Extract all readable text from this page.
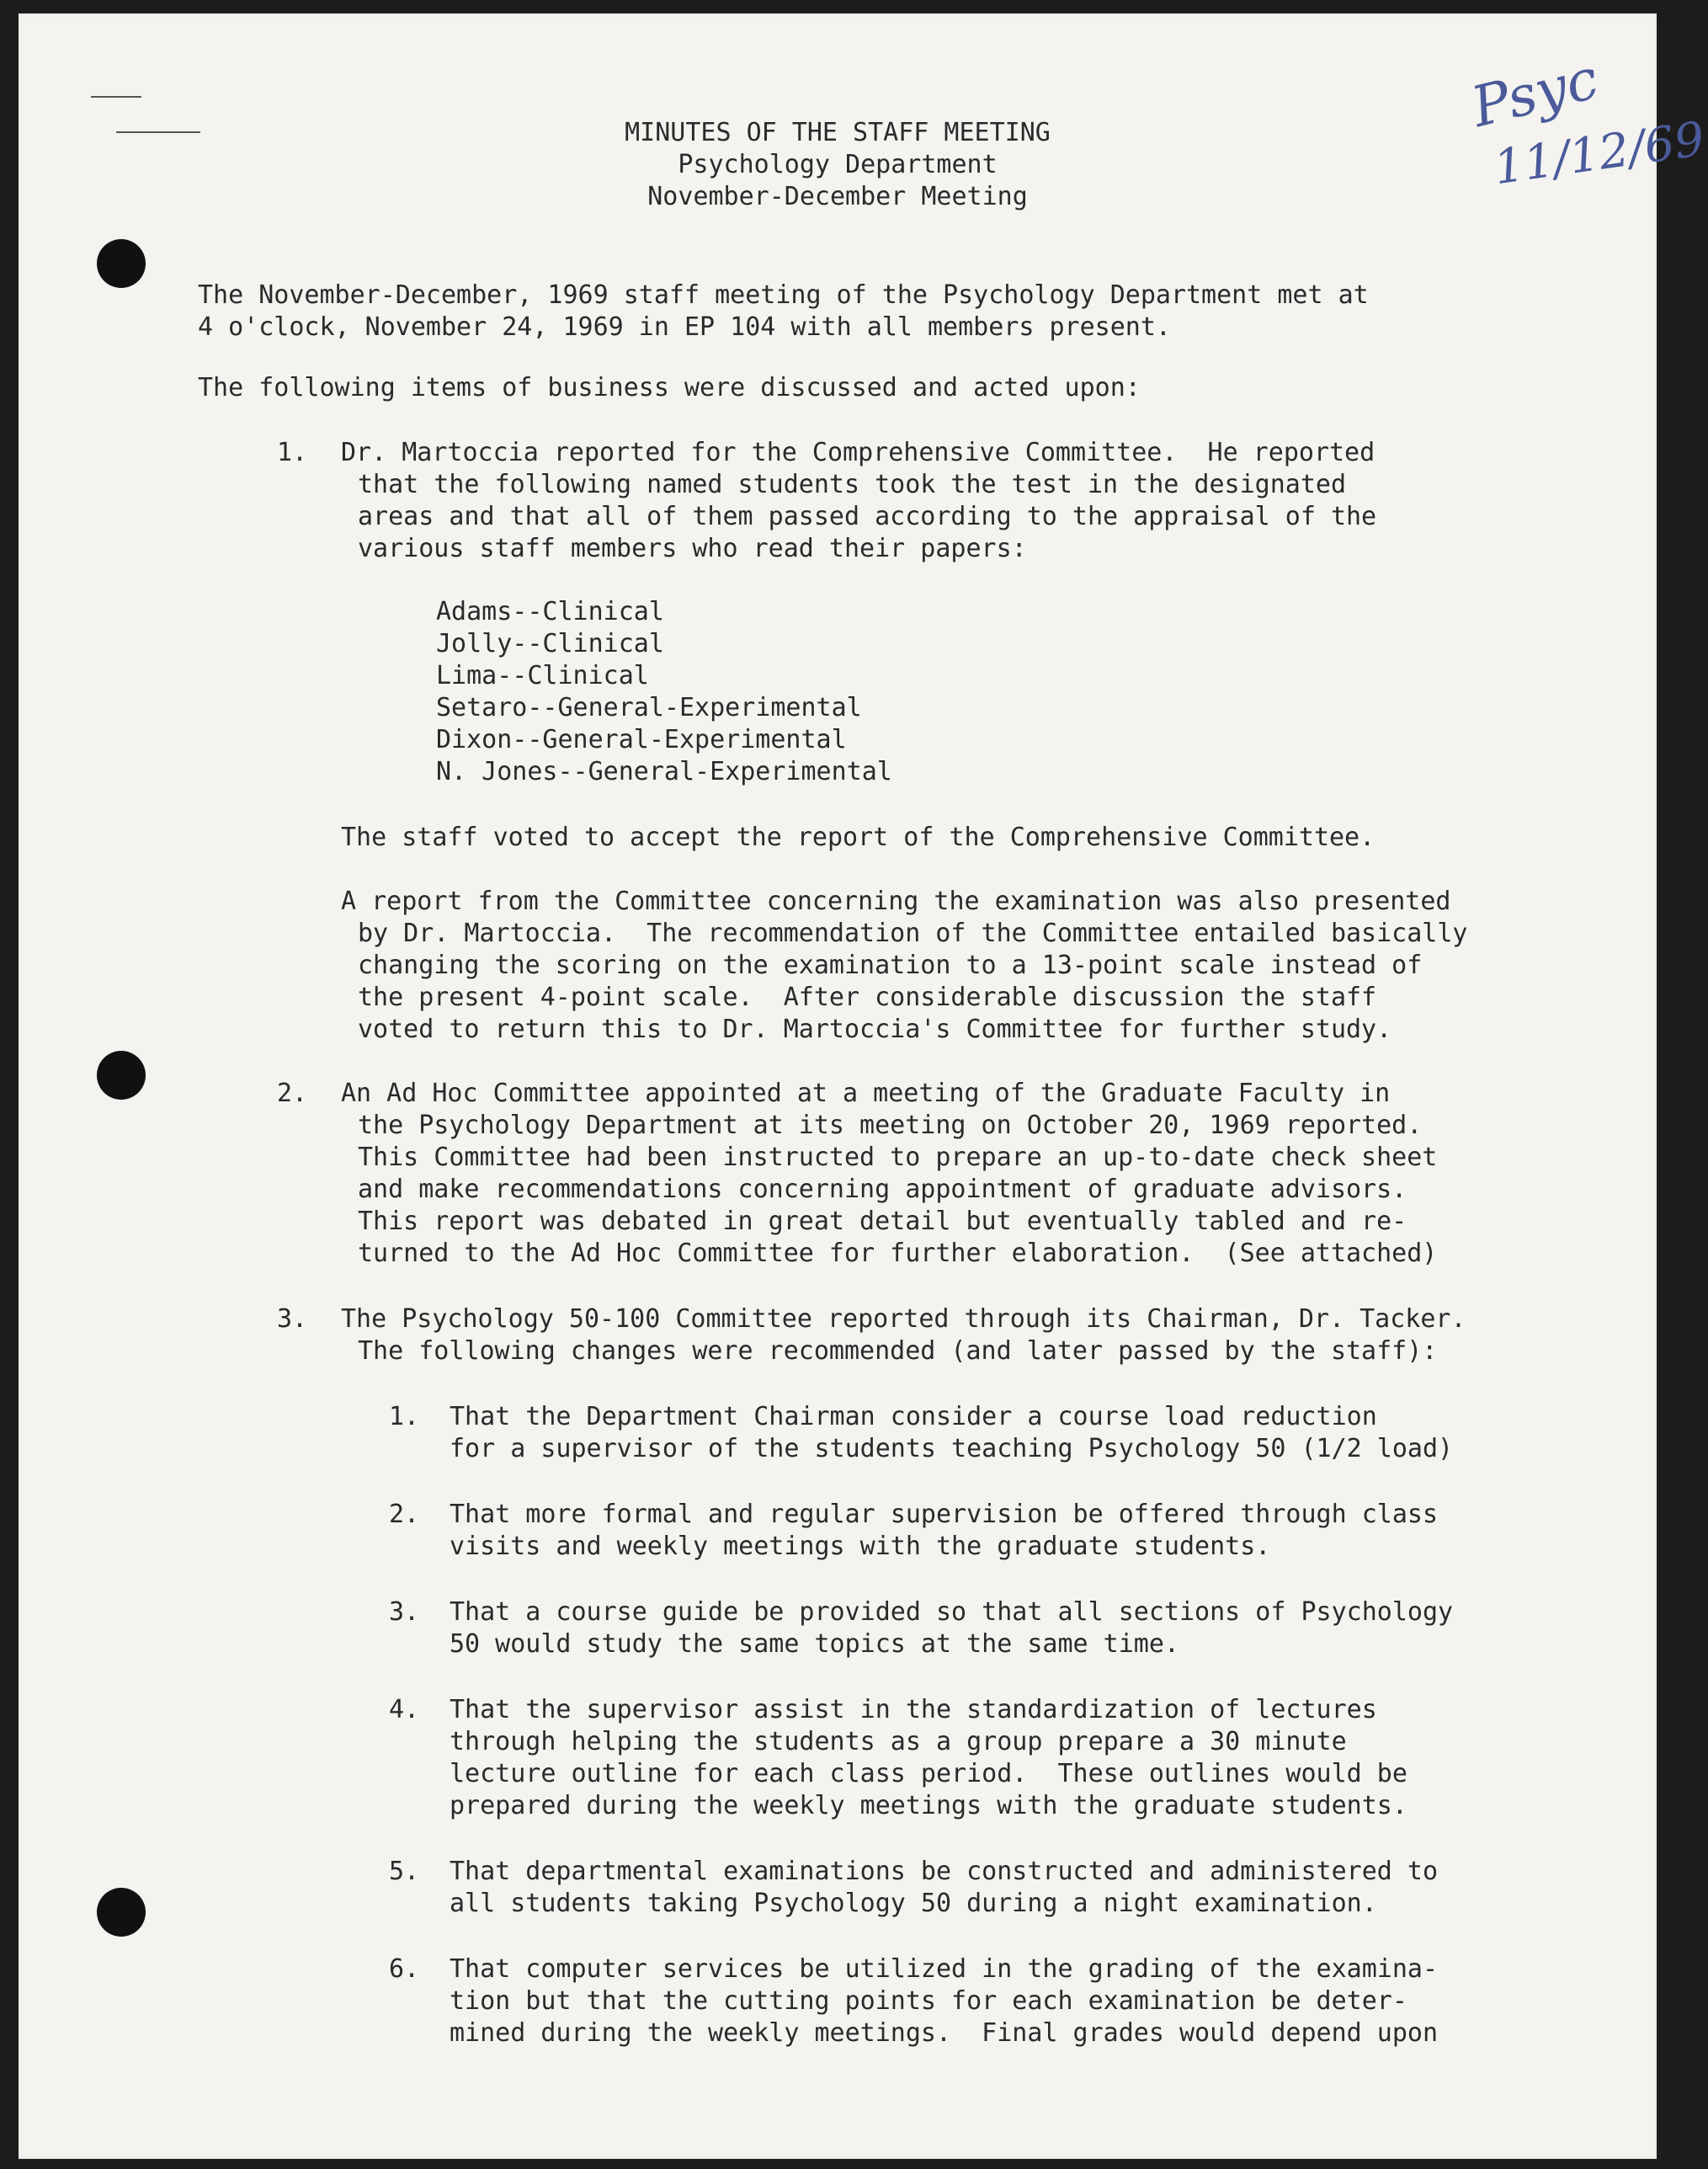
Psyc
11/12/69
MINUTES OF THE STAFF MEETING
Psychology Department
November-December Meeting
The November-December, 1969 staff meeting of the Psychology Department met at
4 o'clock, November 24, 1969 in EP 104 with all members present.
The following items of business were discussed and acted upon:
1. Dr. Martoccia reported for the Comprehensive Committee.  He reported
that the following named students took the test in the designated
areas and that all of them passed according to the appraisal of the
various staff members who read their papers:
Adams--Clinical
Jolly--Clinical
Lima--Clinical
Setaro--General-Experimental
Dixon--General-Experimental
N. Jones--General-Experimental
The staff voted to accept the report of the Comprehensive Committee.
A report from the Committee concerning the examination was also presented
by Dr. Martoccia.  The recommendation of the Committee entailed basically
changing the scoring on the examination to a 13-point scale instead of
the present 4-point scale.  After considerable discussion the staff
voted to return this to Dr. Martoccia's Committee for further study.
2. An Ad Hoc Committee appointed at a meeting of the Graduate Faculty in
the Psychology Department at its meeting on October 20, 1969 reported.
This Committee had been instructed to prepare an up-to-date check sheet
and make recommendations concerning appointment of graduate advisors.
This report was debated in great detail but eventually tabled and re-
turned to the Ad Hoc Committee for further elaboration.  (See attached)
3. The Psychology 50-100 Committee reported through its Chairman, Dr. Tacker.
The following changes were recommended (and later passed by the staff):
1. That the Department Chairman consider a course load reduction
for a supervisor of the students teaching Psychology 50 (1/2 load)
2. That more formal and regular supervision be offered through class
visits and weekly meetings with the graduate students.
3. That a course guide be provided so that all sections of Psychology
50 would study the same topics at the same time.
4. That the supervisor assist in the standardization of lectures
through helping the students as a group prepare a 30 minute
lecture outline for each class period.  These outlines would be
prepared during the weekly meetings with the graduate students.
5. That departmental examinations be constructed and administered to
all students taking Psychology 50 during a night examination.
6. That computer services be utilized in the grading of the examina-
tion but that the cutting points for each examination be deter-
mined during the weekly meetings.  Final grades would depend upon
